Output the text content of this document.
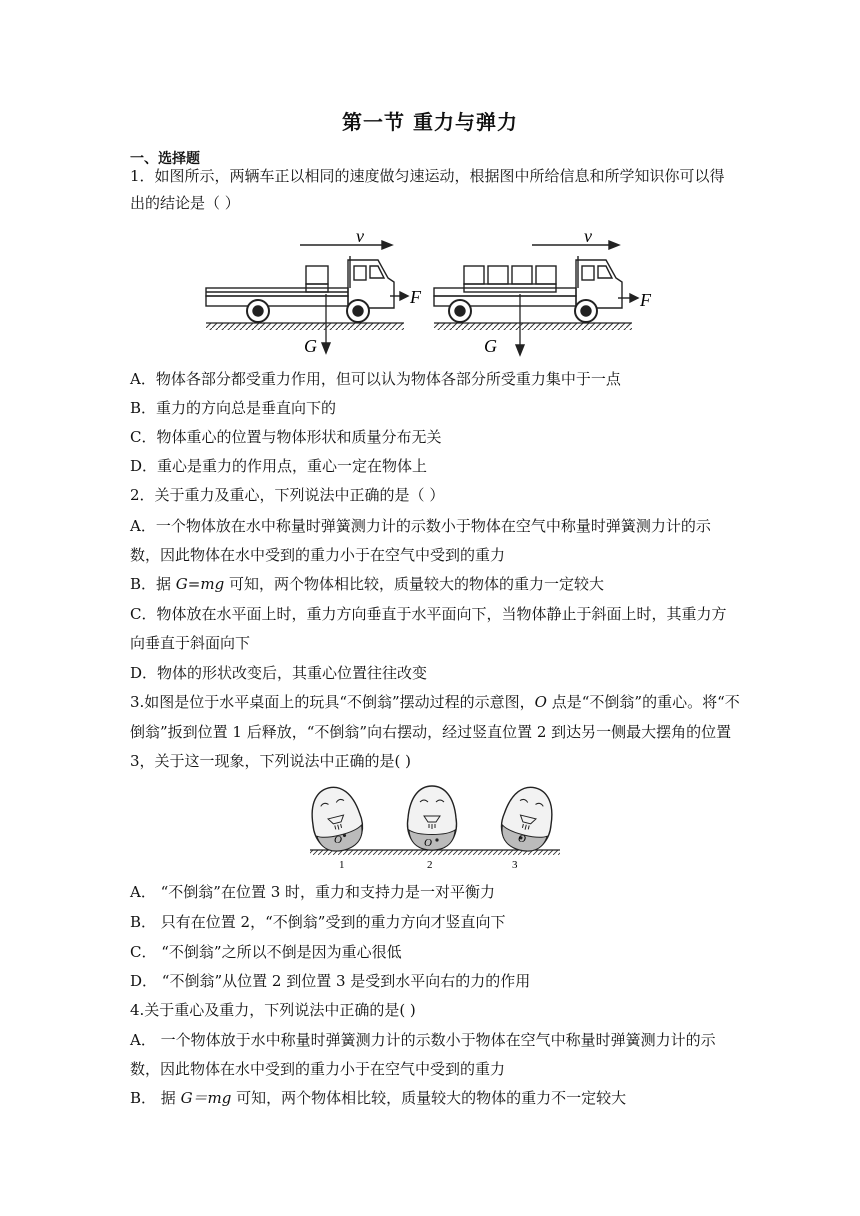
第一节 重力与弹力
一、选择题
1．如图所示，两辆车正以相同的速度做匀速运动，根据图中所给信息和所学知识你可以得
出的结论是（ ）
v	v
F	F
G	G
A．物体各部分都受重力作用，但可以认为物体各部分所受重力集中于一点
B．重力的方向总是垂直向下的
C．物体重心的位置与物体形状和质量分布无关
D．重心是重力的作用点，重心一定在物体上
2．关于重力及重心，下列说法中正确的是（ ）
A．一个物体放在水中称量时弹簧测力计的示数小于物体在空气中称量时弹簧测力计的示
数，因此物体在水中受到的重力小于在空气中受到的重力
B．据 G=mg 可知，两个物体相比较，质量较大的物体的重力一定较大
C．物体放在水平面上时，重力方向垂直于水平面向下，当物体静止于斜面上时，其重力方
向垂直于斜面向下
D．物体的形状改变后，其重心位置往往改变
3.如图是位于水平桌面上的玩具“不倒翁”摆动过程的示意图，O 点是“不倒翁”的重心。将“不
倒翁”扳到位置 1 后释放，“不倒翁”向右摆动，经过竖直位置 2 到达另一侧最大摆角的位置
3，关于这一现象，下列说法中正确的是( )
O	O	O
1	2	3
A． “不倒翁”在位置 3 时，重力和支持力是一对平衡力
B． 只有在位置 2，“不倒翁”受到的重力方向才竖直向下
C． “不倒翁”之所以不倒是因为重心很低
D． “不倒翁”从位置 2 到位置 3 是受到水平向右的力的作用
4.关于重心及重力，下列说法中正确的是( )
A． 一个物体放于水中称量时弹簧测力计的示数小于物体在空气中称量时弹簧测力计的示
数，因此物体在水中受到的重力小于在空气中受到的重力
B． 据 G＝mg 可知，两个物体相比较，质量较大的物体的重力不一定较大
